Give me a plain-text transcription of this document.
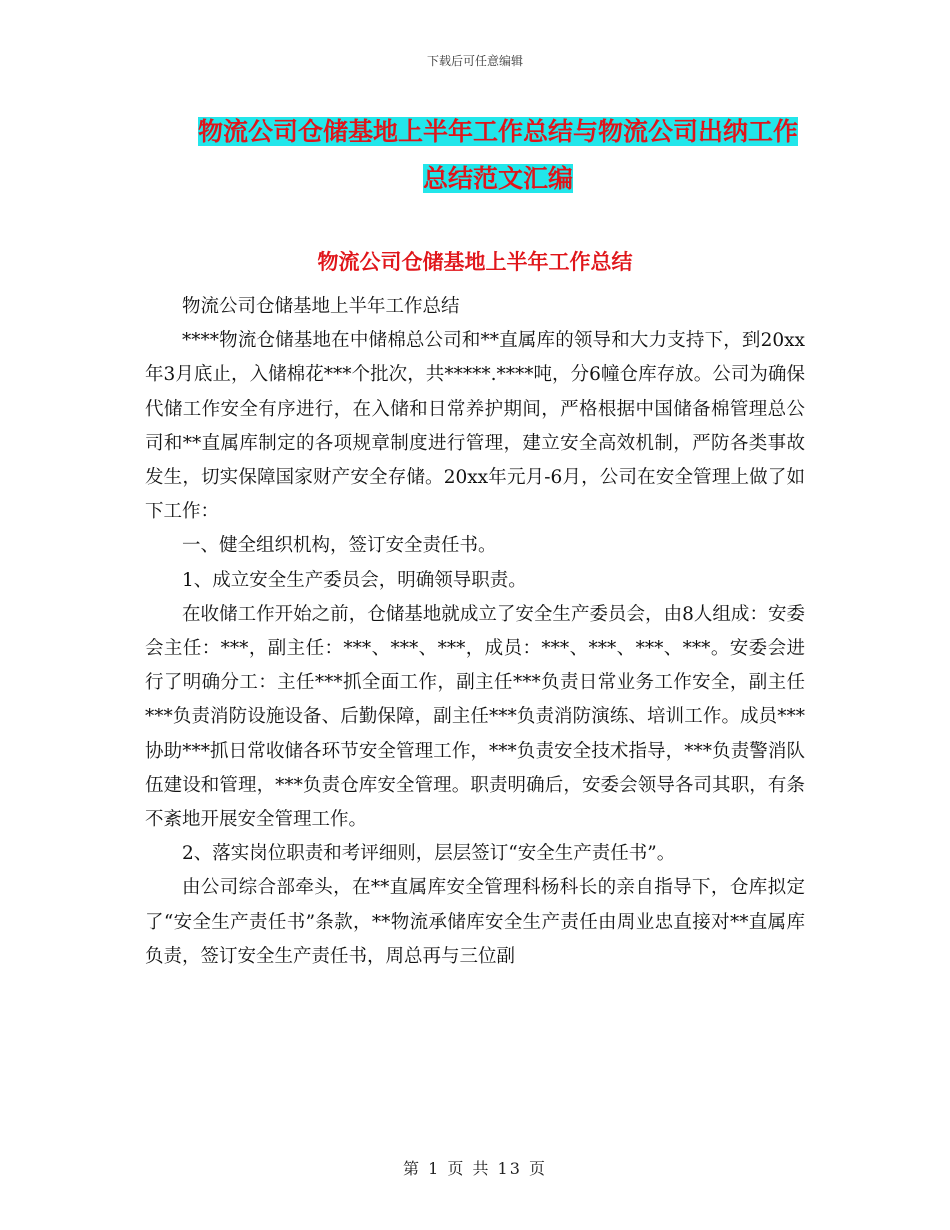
下载后可任意编辑
物流公司仓储基地上半年工作总结与物流公司出纳工作总结范文汇编
物流公司仓储基地上半年工作总结

物流公司仓储基地上半年工作总结

****物流仓储基地在中储棉总公司和**直属库的领导和大力支持下，到20xx年3月底止，入储棉花***个批次，共*****.****吨，分6幢仓库存放。公司为确保代储工作安全有序进行，在入储和日常养护期间，严格根据中国储备棉管理总公司和**直属库制定的各项规章制度进行管理，建立安全高效机制，严防各类事故发生，切实保障国家财产安全存储。20xx年元月-6月，公司在安全管理上做了如下工作：

一、健全组织机构，签订安全责任书。

1、成立安全生产委员会，明确领导职责。

在收储工作开始之前，仓储基地就成立了安全生产委员会，由8人组成：安委会主任：***，副主任：***、***、***，成员：***、***、***、***。安委会进行了明确分工：主任***抓全面工作，副主任***负责日常业务工作安全，副主任***负责消防设施设备、后勤保障，副主任***负责消防演练、培训工作。成员***协助***抓日常收储各环节安全管理工作，***负责安全技术指导，***负责警消队伍建设和管理，***负责仓库安全管理。职责明确后，安委会领导各司其职，有条不紊地开展安全管理工作。

2、落实岗位职责和考评细则，层层签订“安全生产责任书”。

由公司综合部牵头，在**直属库安全管理科杨科长的亲自指导下，仓库拟定了“安全生产责任书”条款，**物流承储库安全生产责任由周业忠直接对**直属库负责，签订安全生产责任书，周总再与三位副

第 1 页 共 13 页
